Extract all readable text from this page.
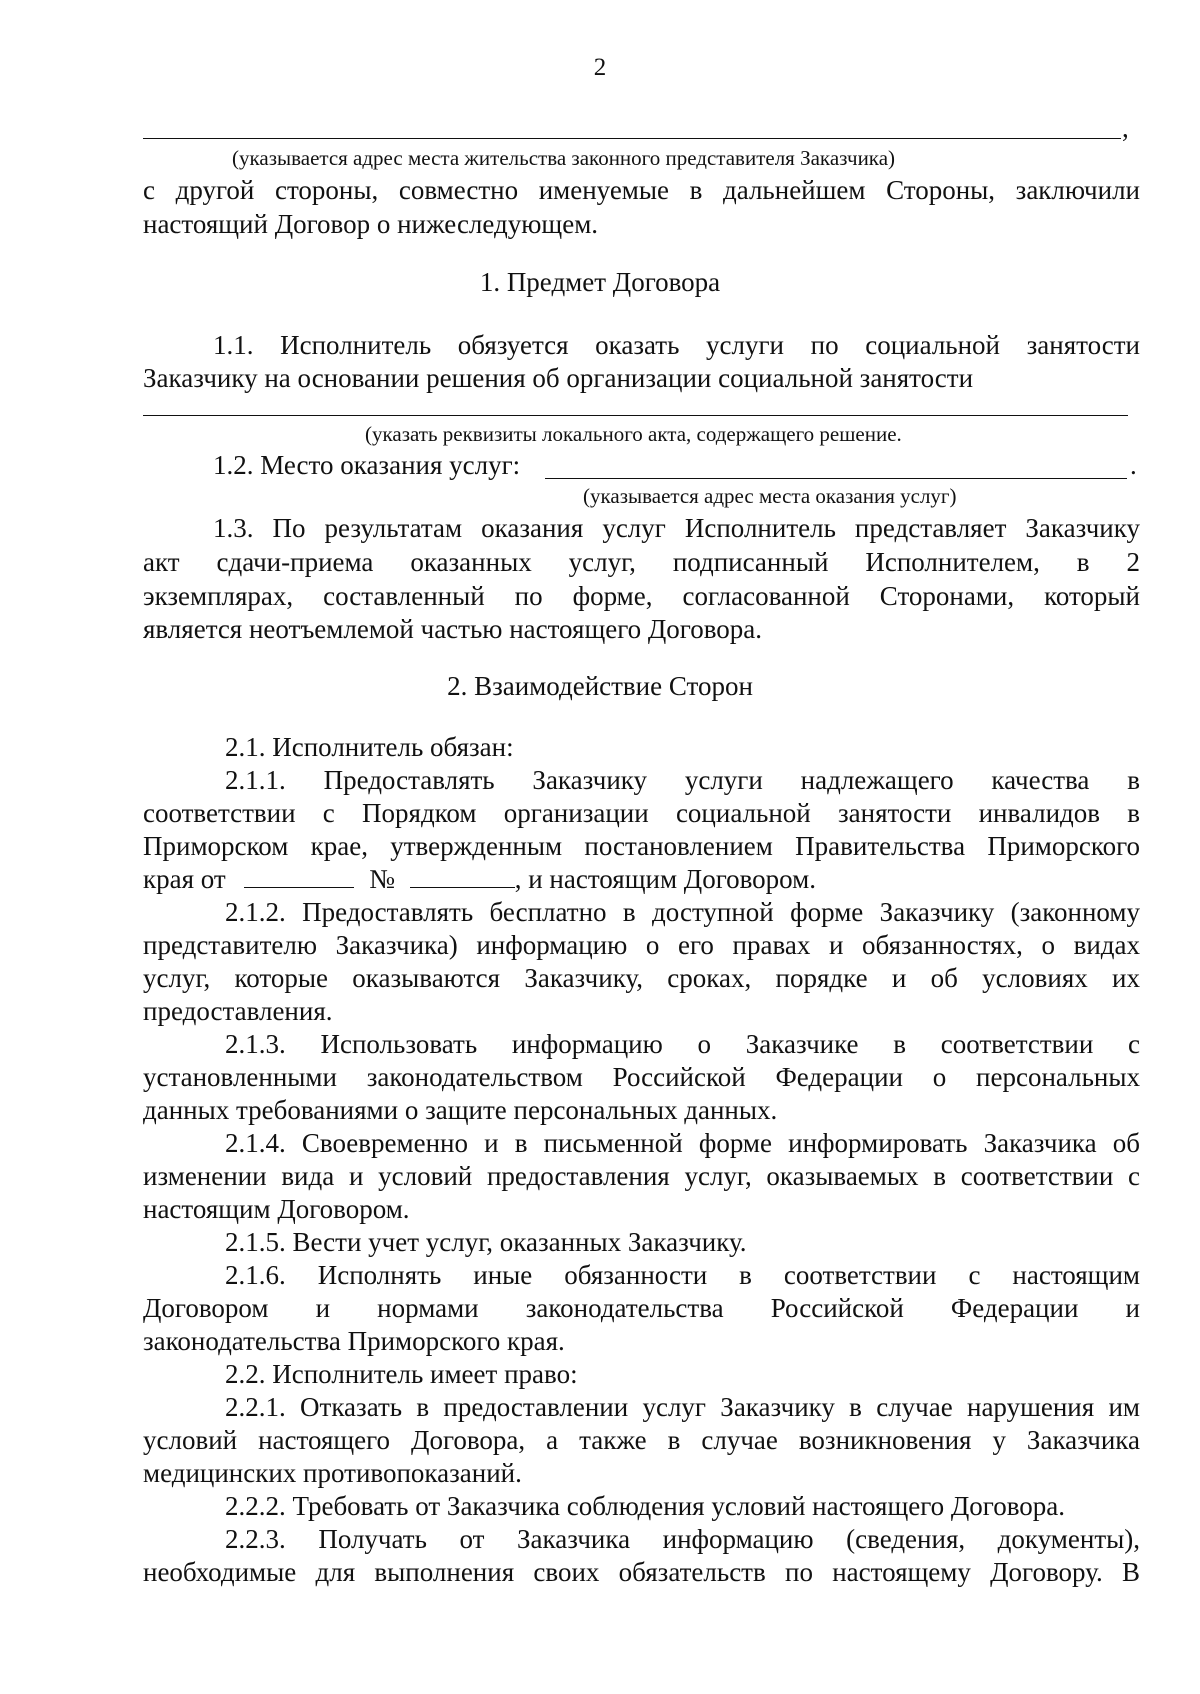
2
,
(указывается адрес места жительства законного представителя Заказчика)
с другой стороны, совместно именуемые в дальнейшем Стороны, заключили
настоящий Договор о нижеследующем.
1. Предмет Договора
1.1. Исполнитель обязуется оказать услуги по социальной занятости
Заказчику на основании решения об организации социальной занятости
(указать реквизиты локального акта, содержащего решение.
1.2. Место оказания услуг:	.
(указывается адрес места оказания услуг)
1.3. По результатам оказания услуг Исполнитель представляет Заказчику
акт сдачи-приема оказанных услуг, подписанный Исполнителем, в 2
экземплярах, составленный по форме, согласованной Сторонами, который
является неотъемлемой частью настоящего Договора.
2. Взаимодействие Сторон
2.1. Исполнитель обязан:
2.1.1. Предоставлять Заказчику услуги надлежащего качества в
соответствии с Порядком организации социальной занятости инвалидов в
Приморском крае, утвержденным постановлением Правительства Приморского
края от	№	, и настоящим Договором.
2.1.2. Предоставлять бесплатно в доступной форме Заказчику (законному
представителю Заказчика) информацию о его правах и обязанностях, о видах
услуг, которые оказываются Заказчику, сроках, порядке и об условиях их
предоставления.
2.1.3. Использовать информацию о Заказчике в соответствии с
установленными законодательством Российской Федерации о персональных
данных требованиями о защите персональных данных.
2.1.4. Своевременно и в письменной форме информировать Заказчика об
изменении вида и условий предоставления услуг, оказываемых в соответствии с
настоящим Договором.
2.1.5. Вести учет услуг, оказанных Заказчику.
2.1.6. Исполнять иные обязанности в соответствии с настоящим
Договором и нормами законодательства Российской Федерации и
законодательства Приморского края.
2.2. Исполнитель имеет право:
2.2.1. Отказать в предоставлении услуг Заказчику в случае нарушения им
условий настоящего Договора, а также в случае возникновения у Заказчика
медицинских противопоказаний.
2.2.2. Требовать от Заказчика соблюдения условий настоящего Договора.
2.2.3. Получать от Заказчика информацию (сведения, документы),
необходимые для выполнения своих обязательств по настоящему Договору. В
